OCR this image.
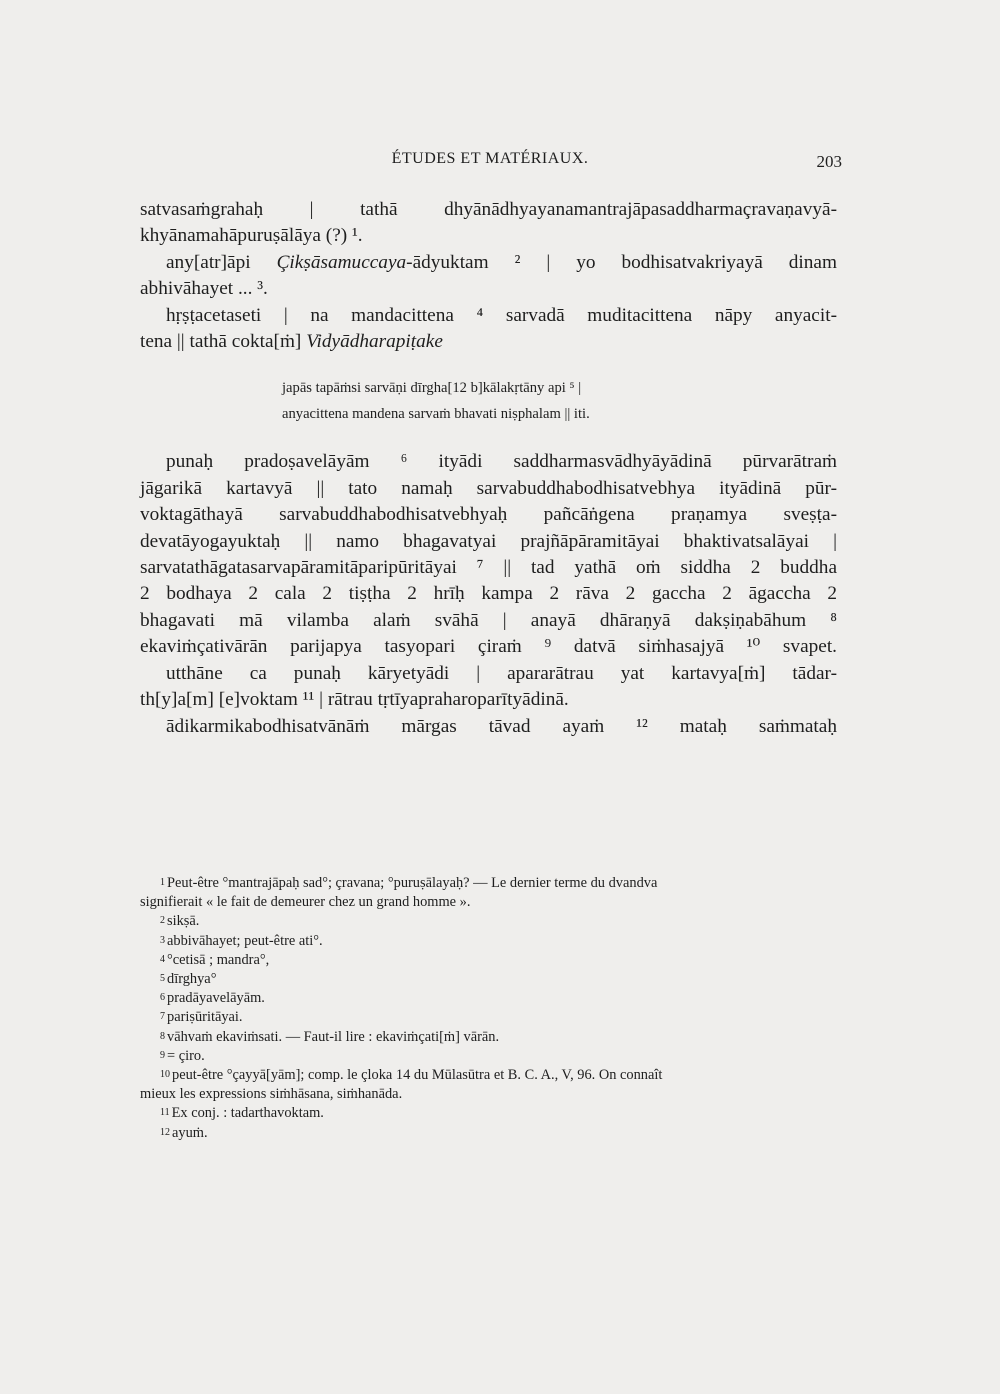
ÉTUDES ET MATÉRIAUX.	203

satvasaṁgrahaḥ | tathā dhyānādhyayanamantrajāpasaddharmaçravaṇavyā-

khyānamahāpuruṣālāya (?) ¹.

any[atr]āpi Çikṣāsamuccaya-ādyuktam ² | yo bodhisatvakriyayā dinam

abhivāhayet ... ³.

hṛṣṭacetaseti | na mandacittena ⁴ sarvadā muditacittena nāpy anyacit-

tena || tathā cokta[ṁ] Vidyādharapiṭake

japās tapāṁsi sarvāṇi dīrgha[12 b]kālakṛtāny api ⁵ |

anyacittena mandena sarvaṁ bhavati niṣphalam || iti.

punaḥ pradoṣavelāyām ⁶ ityādi saddharmasvādhyāyādinā pūrvarātraṁ

jāgarikā kartavyā || tato namaḥ sarvabuddhabodhisatvebhya ityādinā pūr-

voktagāthayā sarvabuddhabodhisatvebhyaḥ pañcāṅgena praṇamya sveṣṭa-

devatāyogayuktaḥ || namo bhagavatyai prajñāpāramitāyai bhaktivatsalāyai |

sarvatathāgatasarvapāramitāparipūritāyai ⁷ || tad yathā oṁ siddha 2 buddha

2 bodhaya 2 cala 2 tiṣṭha 2 hrīḥ kampa 2 rāva 2 gaccha 2 āgaccha 2

bhagavati mā vilamba alaṁ svāhā | anayā dhāraṇyā dakṣiṇabāhum ⁸

ekaviṁçativārān parijapya tasyopari çiraṁ ⁹ datvā siṁhasajyā ¹⁰ svapet.

utthāne ca punaḥ kāryetyādi | apararātrau yat kartavya[ṁ] tādar-

th[y]a[m] [e]voktam ¹¹ | rātrau tṛtīyapraharoparītyādinā.

ādikarmikabodhisatvānāṁ mārgas tāvad ayaṁ ¹² mataḥ saṁmataḥ

$^1$ Peut-être °mantrajāpaḥ sad°; çravana; °puruṣālayaḥ? — Le dernier terme du dvandva

signifierait « le fait de demeurer chez un grand homme ».

$^2$ sikṣā.

$^3$ abbivāhayet; peut-être ati°.

$^4$ °cetisā ; mandra°,

$^5$ dīrghya°

$^6$ pradāyavelāyām.

$^7$ pariṣūritāyai.

$^8$ vāhvaṁ ekaviṁsati. — Faut-il lire : ekaviṁçati[ṁ] vārān.

$^9$ = çiro.

$^{10}$ peut-être °çayyā[yām]; comp. le çloka 14 du Mūlasūtra et B. C. A., V, 96. On connaît

mieux les expressions siṁhāsana, siṁhanāda.

$^{11}$ Ex conj. : tadarthavoktam.

$^{12}$ ayuṁ.
